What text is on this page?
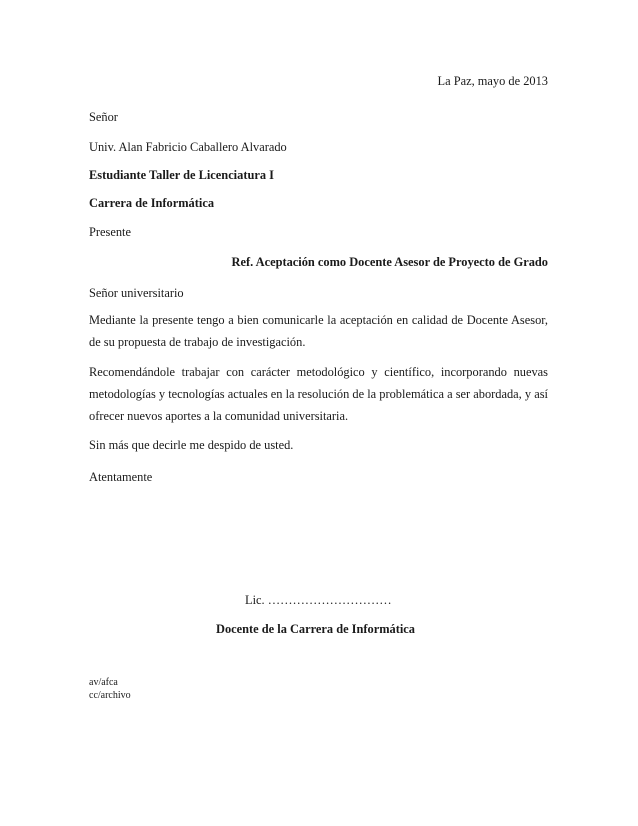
La Paz, mayo de 2013
Señor
Univ. Alan Fabricio Caballero Alvarado
Estudiante Taller de Licenciatura I
Carrera de Informática
Presente
Ref. Aceptación como Docente Asesor de Proyecto de Grado
Señor universitario
Mediante la presente tengo a bien comunicarle la aceptación en calidad de Docente Asesor, de su propuesta de trabajo de investigación.
Recomendándole trabajar con carácter metodológico y científico, incorporando nuevas metodologías y tecnologías actuales en la resolución de la problemática a ser abordada, y así ofrecer nuevos aportes a la comunidad universitaria.
Sin más que decirle me despido de usted.
Atentamente
Lic. …………………………
Docente de la Carrera de Informática
av/afca
cc/archivo
